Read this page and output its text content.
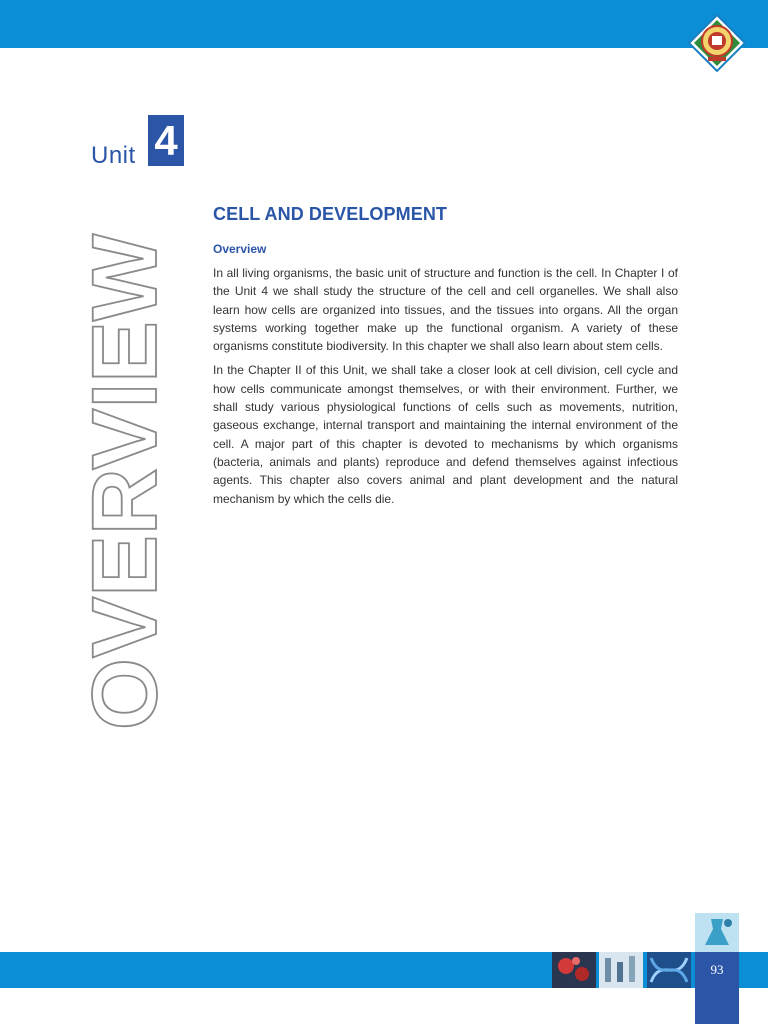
Unit 4
OVERVIEW
CELL AND DEVELOPMENT
Overview

In all living organisms, the basic unit of structure and function is the cell. In Chapter I of the Unit 4 we shall study the structure of the cell and cell organelles. We shall also learn how cells are organized into tissues, and the tissues into organs. All the organ systems working together make up the functional organism. A variety of these organisms constitute biodiversity. In this chapter we shall also learn about stem cells.

In the Chapter II of this Unit, we shall take a closer look at cell division, cell cycle and how cells communicate amongst themselves, or with their environment. Further, we shall study various physiological functions of cells such as movements, nutrition, gaseous exchange, internal transport and maintaining the internal environment of the cell. A major part of this chapter is devoted to mechanisms by which organisms (bacteria, animals and plants) reproduce and defend themselves against infectious agents. This chapter also covers animal and plant development and the natural mechanism by which the cells die.

93
